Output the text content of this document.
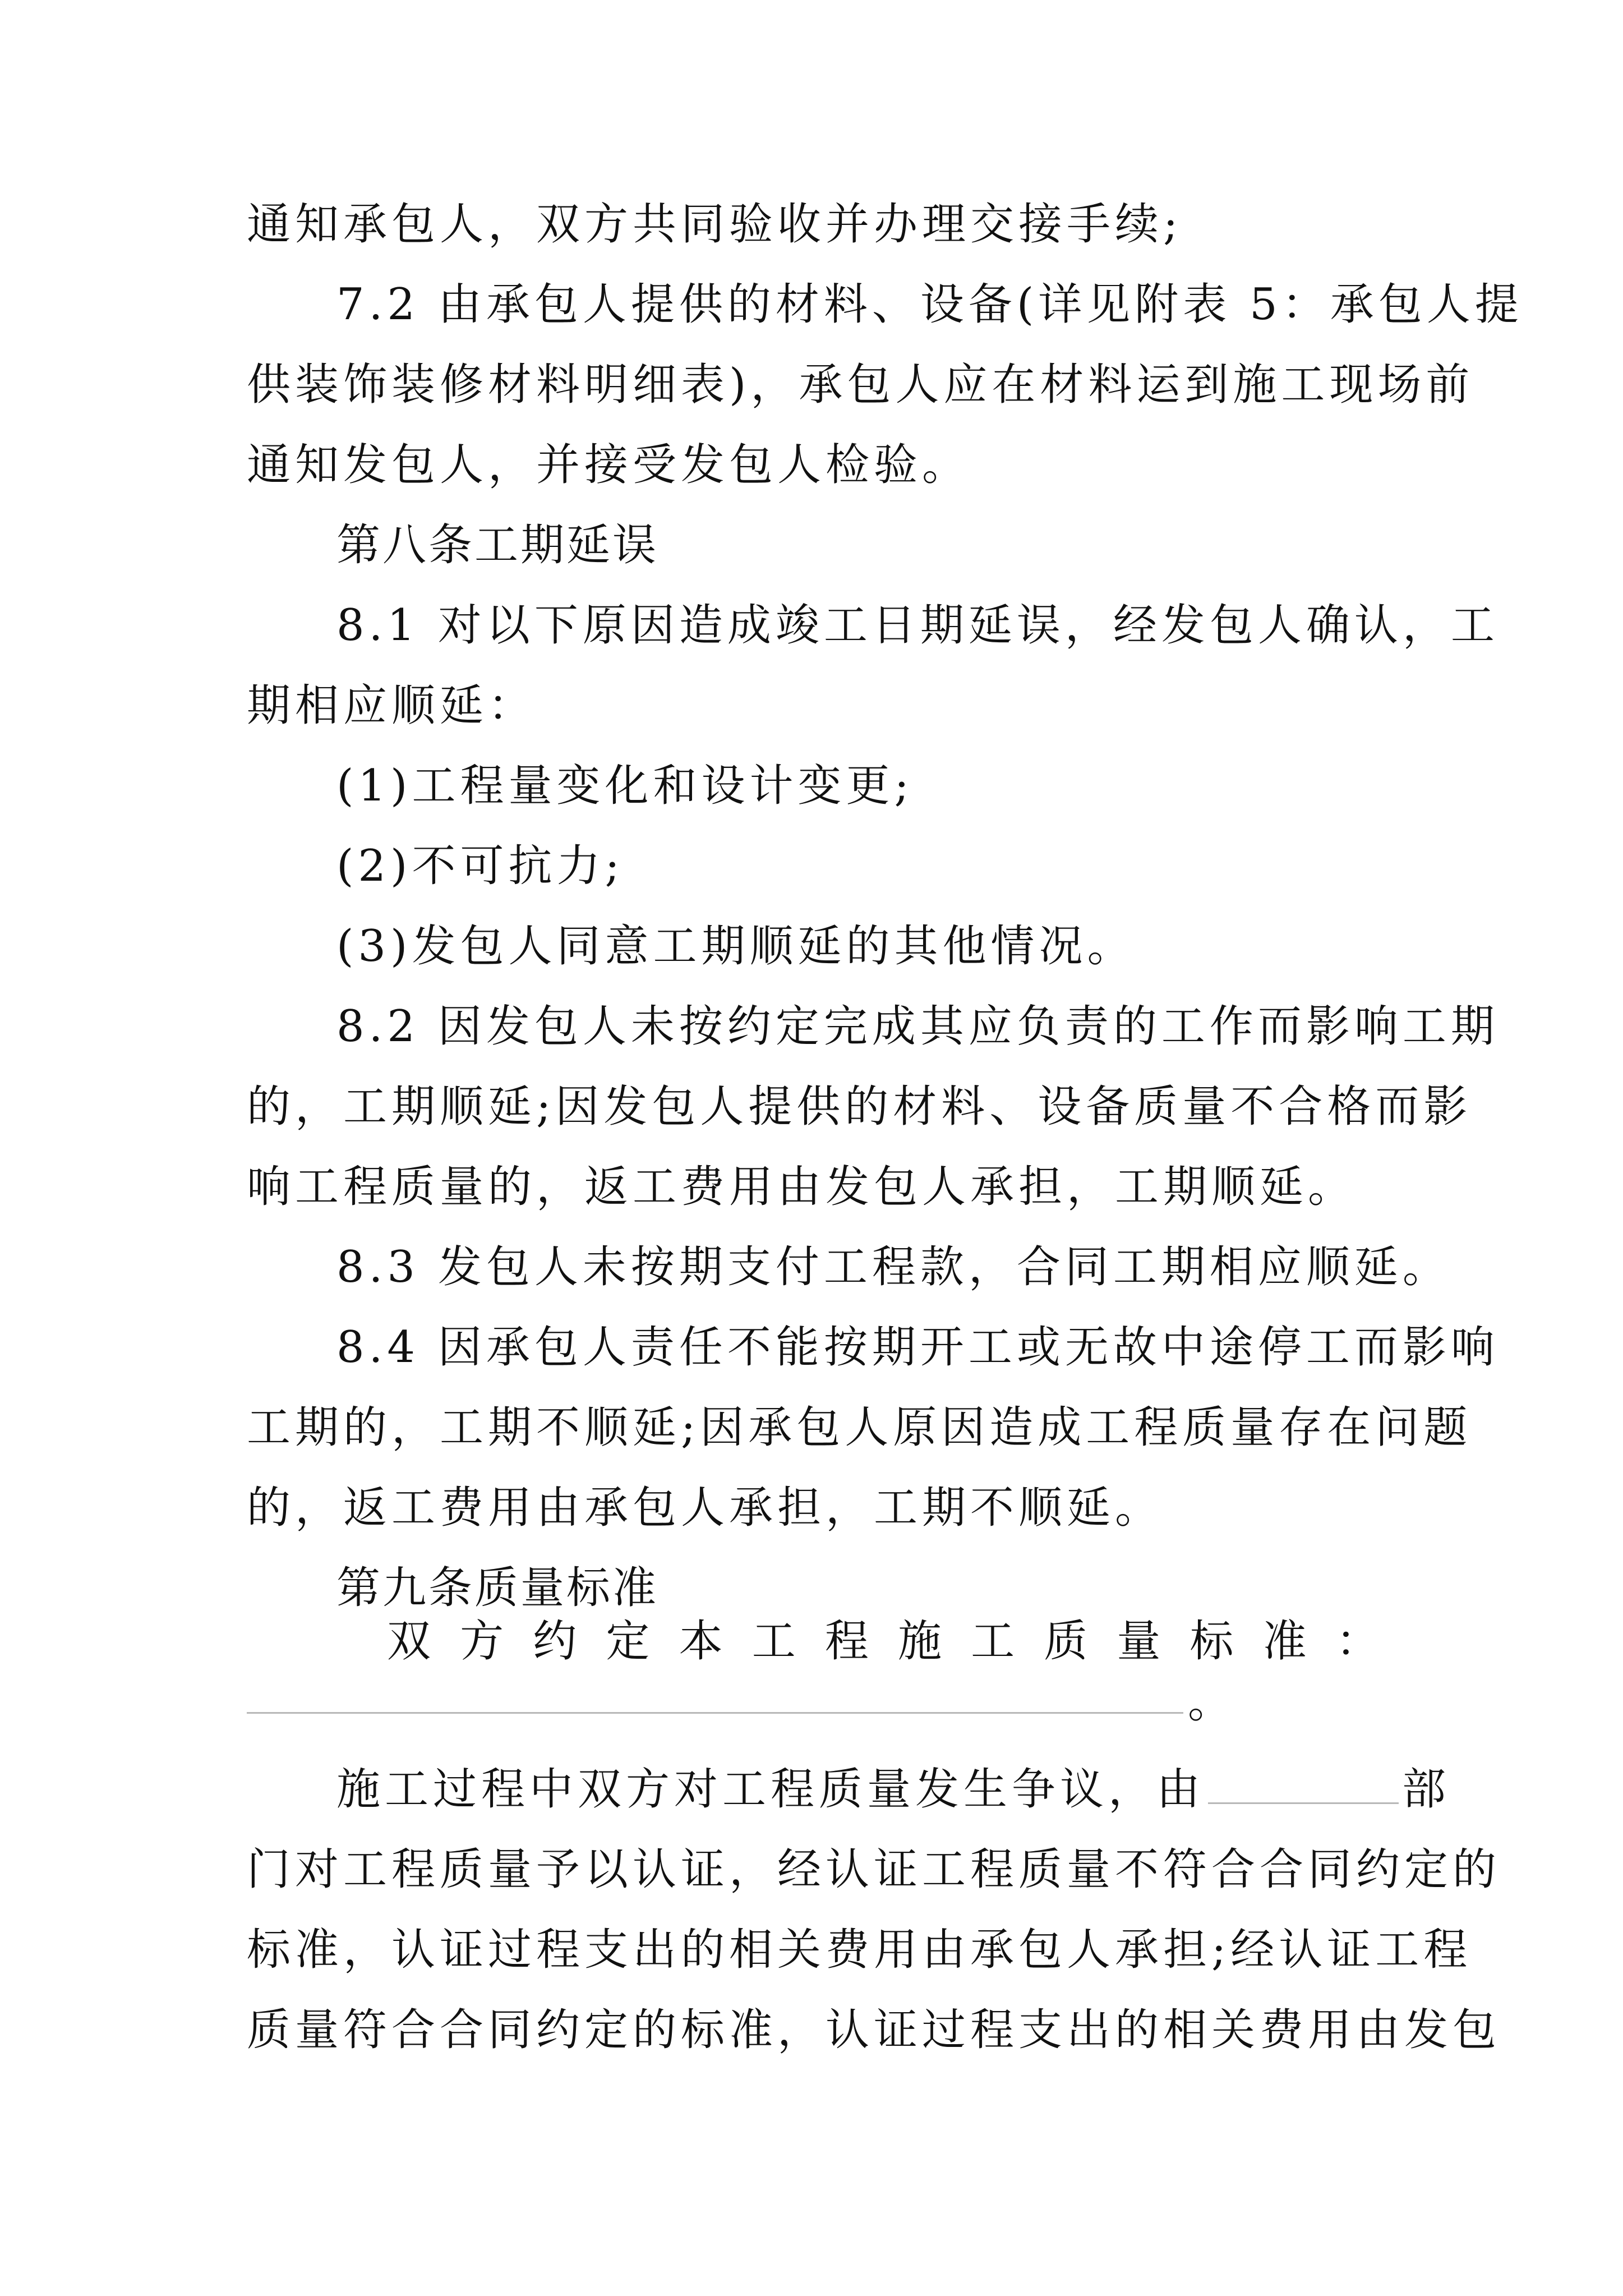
通知承包人，双方共同验收并办理交接手续;
7.2 由承包人提供的材料、设备(详见附表 5：承包人提
供装饰装修材料明细表)，承包人应在材料运到施工现场前
通知发包人，并接受发包人检验。
第八条工期延误
8.1 对以下原因造成竣工日期延误，经发包人确认，工
期相应顺延：
(1)工程量变化和设计变更;
(2)不可抗力;
(3)发包人同意工期顺延的其他情况。
8.2 因发包人未按约定完成其应负责的工作而影响工期
的，工期顺延;因发包人提供的材料、设备质量不合格而影
响工程质量的，返工费用由发包人承担，工期顺延。
8.3 发包人未按期支付工程款，合同工期相应顺延。
8.4 因承包人责任不能按期开工或无故中途停工而影响
工期的，工期不顺延;因承包人原因造成工程质量存在问题
的，返工费用由承包人承担，工期不顺延。
第九条质量标准
双 方 约 定 本 工 程 施 工 质 量 标 准 ：
。
施工过程中双方对工程质量发生争议，由	部
门对工程质量予以认证，经认证工程质量不符合合同约定的
标准，认证过程支出的相关费用由承包人承担;经认证工程
质量符合合同约定的标准，认证过程支出的相关费用由发包
